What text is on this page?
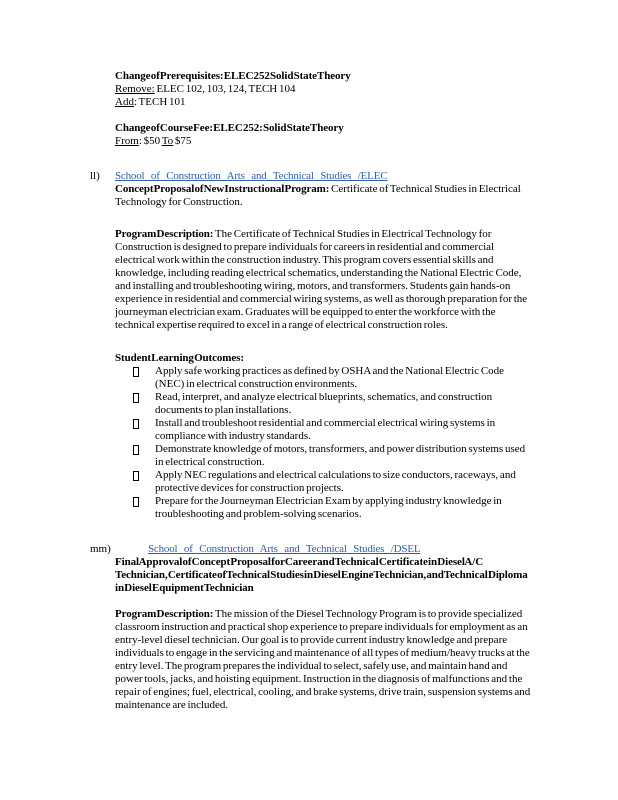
Change of Prerequisites: ELEC 252 Solid State Theory

Remove: ELEC 102, 103, 124, TECH 104

Add: TECH 101

Change of Course Fee: ELEC 252: Solid State Theory

From: $50 To $75

ll)	School of Construction Arts and Technical Studies /ELEC

Concept Proposal of New Instructional Program: Certificate of Technical Studies in Electrical Technology for Construction.

Program Description: The Certificate of Technical Studies in Electrical Technology for Construction is designed to prepare individuals for careers in residential and commercial electrical work within the construction industry. This program covers essential skills and knowledge, including reading electrical schematics, understanding the National Electric Code, and installing and troubleshooting wiring, motors, and transformers. Students gain hands-on experience in residential and commercial wiring systems, as well as thorough preparation for the journeyman electrician exam. Graduates will be equipped to enter the workforce with the technical expertise required to excel in a range of electrical construction roles.

Student Learning Outcomes:

Apply safe working practices as defined by OSHA and the National Electric Code (NEC) in electrical construction environments.
Read, interpret, and analyze electrical blueprints, schematics, and construction documents to plan installations.
Install and troubleshoot residential and commercial electrical wiring systems in compliance with industry standards.
Demonstrate knowledge of motors, transformers, and power distribution systems used in electrical construction.
Apply NEC regulations and electrical calculations to size conductors, raceways, and protective devices for construction projects.
Prepare for the Journeyman Electrician Exam by applying industry knowledge in troubleshooting and problem-solving scenarios.
mm)	School of Construction Arts and Technical Studies /DSEL

Final Approval of Concept Proposal for Career and Technical Certificate in Diesel A/C Technician, Certificate of Technical Studies in Diesel Engine Technician, and Technical Diploma in Diesel Equipment Technician

Program Description: The mission of the Diesel Technology Program is to provide specialized classroom instruction and practical shop experience to prepare individuals for employment as an entry-level diesel technician. Our goal is to provide current industry knowledge and prepare individuals to engage in the servicing and maintenance of all types of medium/heavy trucks at the entry level. The program prepares the individual to select, safely use, and maintain hand and power tools, jacks, and hoisting equipment. Instruction in the diagnosis of malfunctions and the repair of engines; fuel, electrical, cooling, and brake systems, drive train, suspension systems and maintenance are included.
